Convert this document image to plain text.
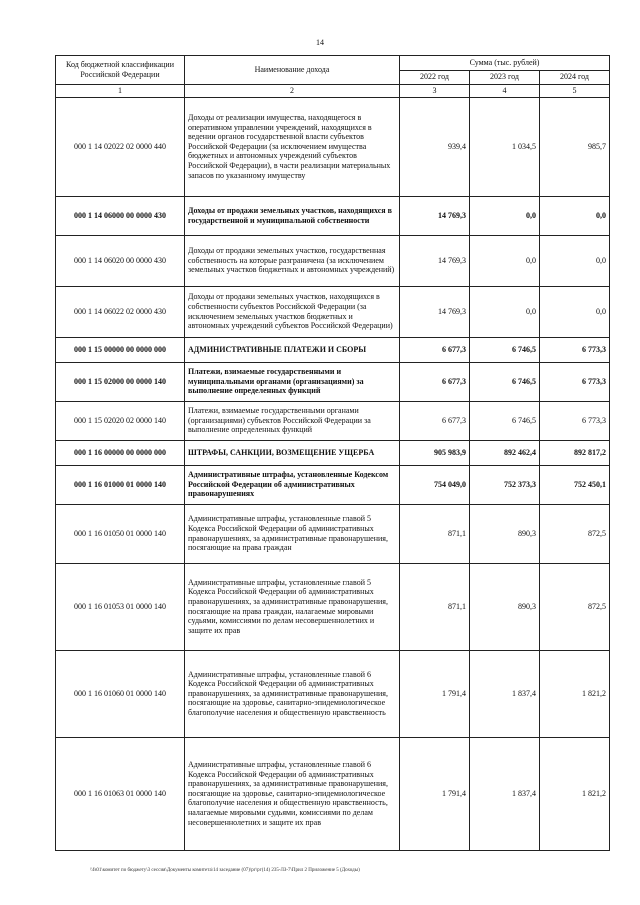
14
Код бюджетной классификации Российской Федерации	Наименование дохода	Сумма (тыс. рублей)		
		2022 год	2023 год	2024 год
1	2	3	4	5
000 1 14 02022 02 0000 440	Доходы от реализации имущества, находящегося в оперативном управлении учреждений, находящихся в ведении органов государственной власти субъектов Российской Федерации (за исключением имущества бюджетных и автономных учреждений субъектов Российской Федерации), в части реализации материальных запасов по указанному имуществу	939,4	1 034,5	985,7
000 1 14 06000 00 0000 430	Доходы от продажи земельных участков, находящихся в государственной и муниципальной собственности	14 769,3	0,0	0,0
000 1 14 06020 00 0000 430	Доходы от продажи земельных участков, государственная собственность на которые разграничена (за исключением земельных участков бюджетных и автономных учреждений)	14 769,3	0,0	0,0
000 1 14 06022 02 0000 430	Доходы от продажи земельных участков, находящихся в собственности субъектов Российской Федерации (за исключением земельных участков бюджетных и автономных учреждений субъектов Российской Федерации)	14 769,3	0,0	0,0
000 1 15 00000 00 0000 000	АДМИНИСТРАТИВНЫЕ ПЛАТЕЖИ И СБОРЫ	6 677,3	6 746,5	6 773,3
000 1 15 02000 00 0000 140	Платежи, взимаемые государственными и муниципальными органами (организациями) за выполнение определенных функций	6 677,3	6 746,5	6 773,3
000 1 15 02020 02 0000 140	Платежи, взимаемые государственными органами (организациями) субъектов Российской Федерации за выполнение определенных функций	6 677,3	6 746,5	6 773,3
000 1 16 00000 00 0000 000	ШТРАФЫ, САНКЦИИ, ВОЗМЕЩЕНИЕ УЩЕРБА	905 983,9	892 462,4	892 817,2
000 1 16 01000 01 0000 140	Административные штрафы, установленные Кодексом Российской Федерации об административных правонарушениях	754 049,0	752 373,3	752 450,1
000 1 16 01050 01 0000 140	Административные штрафы, установленные главой 5 Кодекса Российской Федерации об административных правонарушениях, за административные правонарушения, посягающие на права граждан	871,1	890,3	872,5
000 1 16 01053 01 0000 140	Административные штрафы, установленные главой 5 Кодекса Российской Федерации об административных правонарушениях, за административные правонарушения, посягающие на права граждан, налагаемые мировыми судьями, комиссиями по делам несовершеннолетних и защите их прав	871,1	890,3	872,5
000 1 16 01060 01 0000 140	Административные штрафы, установленные главой 6 Кодекса Российской Федерации об административных правонарушениях, за административные правонарушения, посягающие на здоровье, санитарно-эпидемиологическое благополучие населения и общественную нравственность	1 791,4	1 837,4	1 821,2
000 1 16 01063 01 0000 140	Административные штрафы, установленные главой 6 Кодекса Российской Федерации об административных правонарушениях, за административные правонарушения, посягающие на здоровье, санитарно-эпидемиологическое благополучие населения и общественную нравственность, налагаемые мировыми судьями, комиссиями по делам несовершеннолетних и защите их прав	1 791,4	1 837,4	1 821,2
\\fs01\комитет по бюджету\3 сессия\Документы комитета\14 заседание (07)\рг\рг(14) 235-ЛЗ-7\Прил 2 Приложение 5 (Доходы)
